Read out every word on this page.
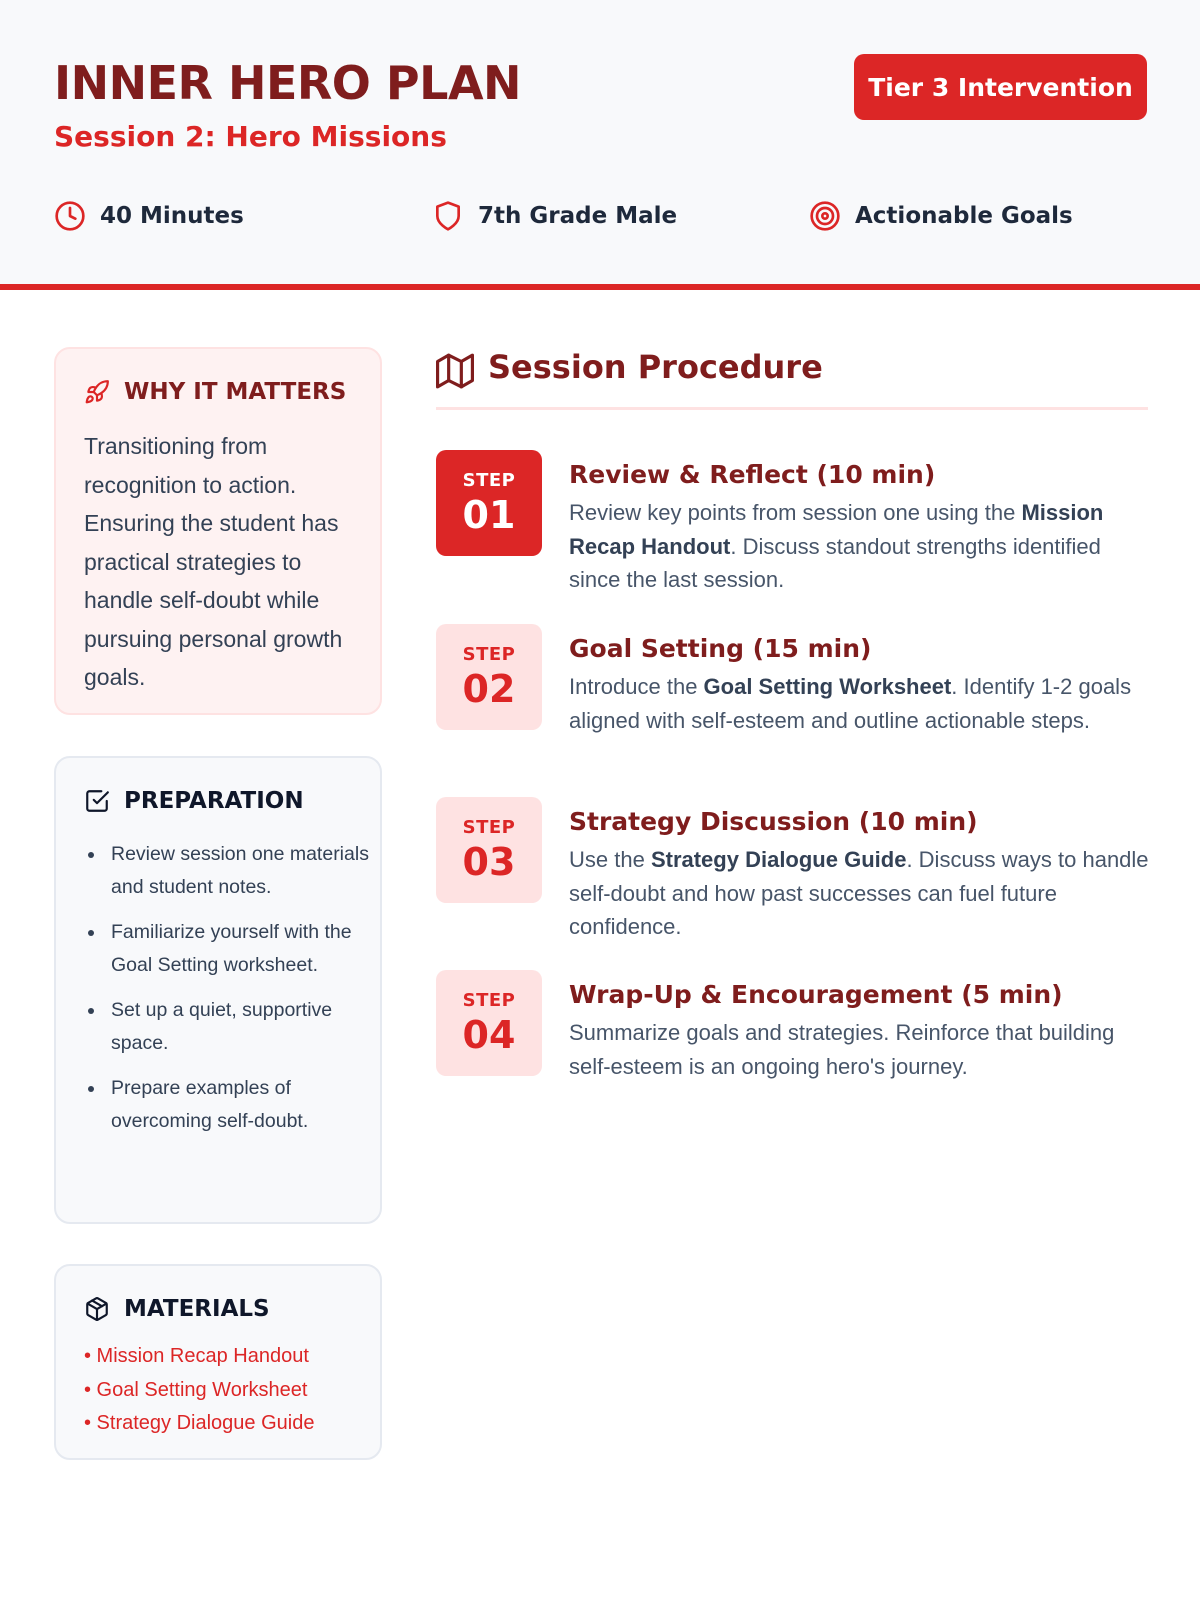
INNER HERO PLAN
Session 2: Hero Missions
Tier 3 Intervention
40 Minutes	7th Grade Male	Actionable Goals
WHY IT MATTERS
Transitioning from recognition to action. Ensuring the student has practical strategies to handle self-doubt while pursuing personal growth goals.
PREPARATION
Review session one materials and student notes.
Familiarize yourself with the Goal Setting worksheet.
Set up a quiet, supportive space.
Prepare examples of overcoming self-doubt.
MATERIALS
• Mission Recap Handout
• Goal Setting Worksheet
• Strategy Dialogue Guide
Session Procedure
STEP
01
Review & Reflect (10 min)
Review key points from session one using the Mission Recap Handout. Discuss standout strengths identified since the last session.
STEP
02
Goal Setting (15 min)
Introduce the Goal Setting Worksheet. Identify 1-2 goals aligned with self-esteem and outline actionable steps.
STEP
03
Strategy Discussion (10 min)
Use the Strategy Dialogue Guide. Discuss ways to handle self-doubt and how past successes can fuel future confidence.
STEP
04
Wrap-Up & Encouragement (5 min)
Summarize goals and strategies. Reinforce that building self-esteem is an ongoing hero's journey.
